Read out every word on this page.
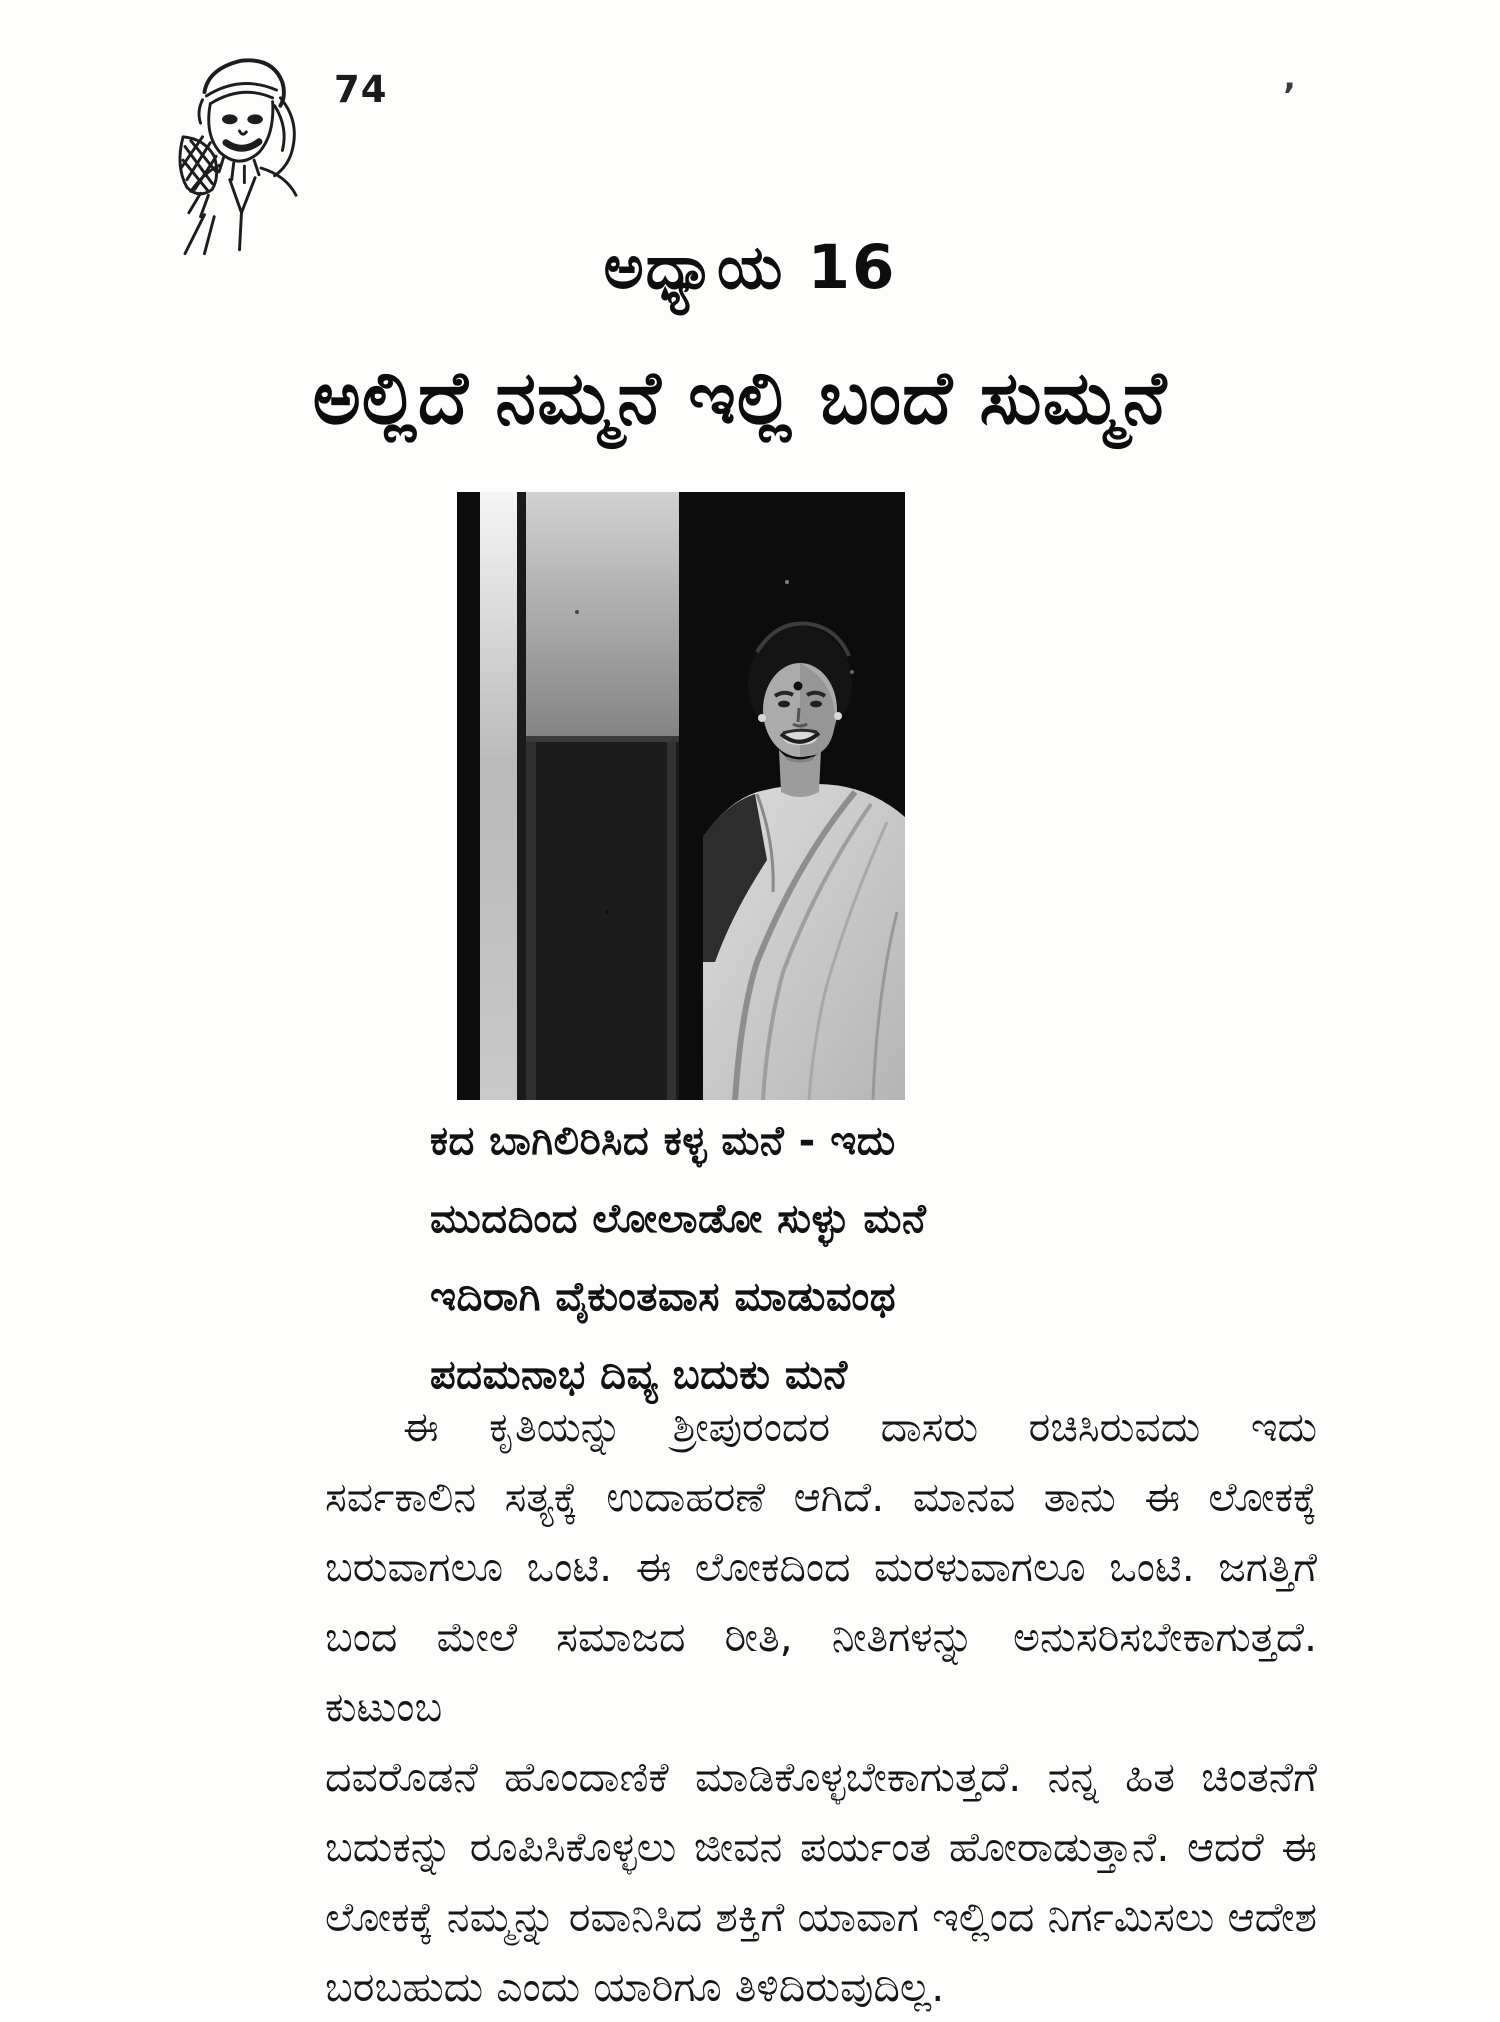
74	’
ಅಧ್ಯಾಯ 16
ಅಲ್ಲಿದೆ ನಮ್ಮನೆ ಇಲ್ಲಿ ಬಂದೆ ಸುಮ್ಮನೆ

ಕದ ಬಾಗಿಲಿರಿಸಿದ ಕಳ್ಳ ಮನೆ - ಇದು

ಮುದದಿಂದ ಲೋಲಾಡೋ ಸುಳ್ಳು ಮನೆ

ಇದಿರಾಗಿ ವೈಕುಂತವಾಸ ಮಾಡುವಂಥ

ಪದಮನಾಭ ದಿವ್ಯ ಬದುಕು ಮನೆ

ಈ ಕೃತಿಯನ್ನು ಶ್ರೀಪುರಂದರ ದಾಸರು ರಚಿಸಿರುವದು ಇದು

ಸರ್ವಕಾಲಿನ ಸತ್ಯಕ್ಕೆ ಉದಾಹರಣೆ ಆಗಿದೆ. ಮಾನವ ತಾನು ಈ ಲೋಕಕ್ಕೆ

ಬರುವಾಗಲೂ ಒಂಟಿ. ಈ ಲೋಕದಿಂದ ಮರಳುವಾಗಲೂ ಒಂಟಿ. ಜಗತ್ತಿಗೆ

ಬಂದ ಮೇಲೆ ಸಮಾಜದ ರೀತಿ, ನೀತಿಗಳನ್ನು ಅನುಸರಿಸಬೇಕಾಗುತ್ತದೆ. ಕುಟುಂಬ

ದವರೊಡನೆ ಹೊಂದಾಣಿಕೆ ಮಾಡಿಕೊಳ್ಳಬೇಕಾಗುತ್ತದೆ. ನನ್ನ ಹಿತ ಚಿಂತನೆಗೆ

ಬದುಕನ್ನು ರೂಪಿಸಿಕೊಳ್ಳಲು ಜೀವನ ಪರ್ಯಂತ ಹೋರಾಡುತ್ತಾನೆ. ಆದರೆ ಈ

ಲೋಕಕ್ಕೆ ನಮ್ಮನ್ನು ರವಾನಿಸಿದ ಶಕ್ತಿಗೆ ಯಾವಾಗ ಇಲ್ಲಿಂದ ನಿರ್ಗಮಿಸಲು ಆದೇಶ

ಬರಬಹುದು ಎಂದು ಯಾರಿಗೂ ತಿಳಿದಿರುವುದಿಲ್ಲ.
